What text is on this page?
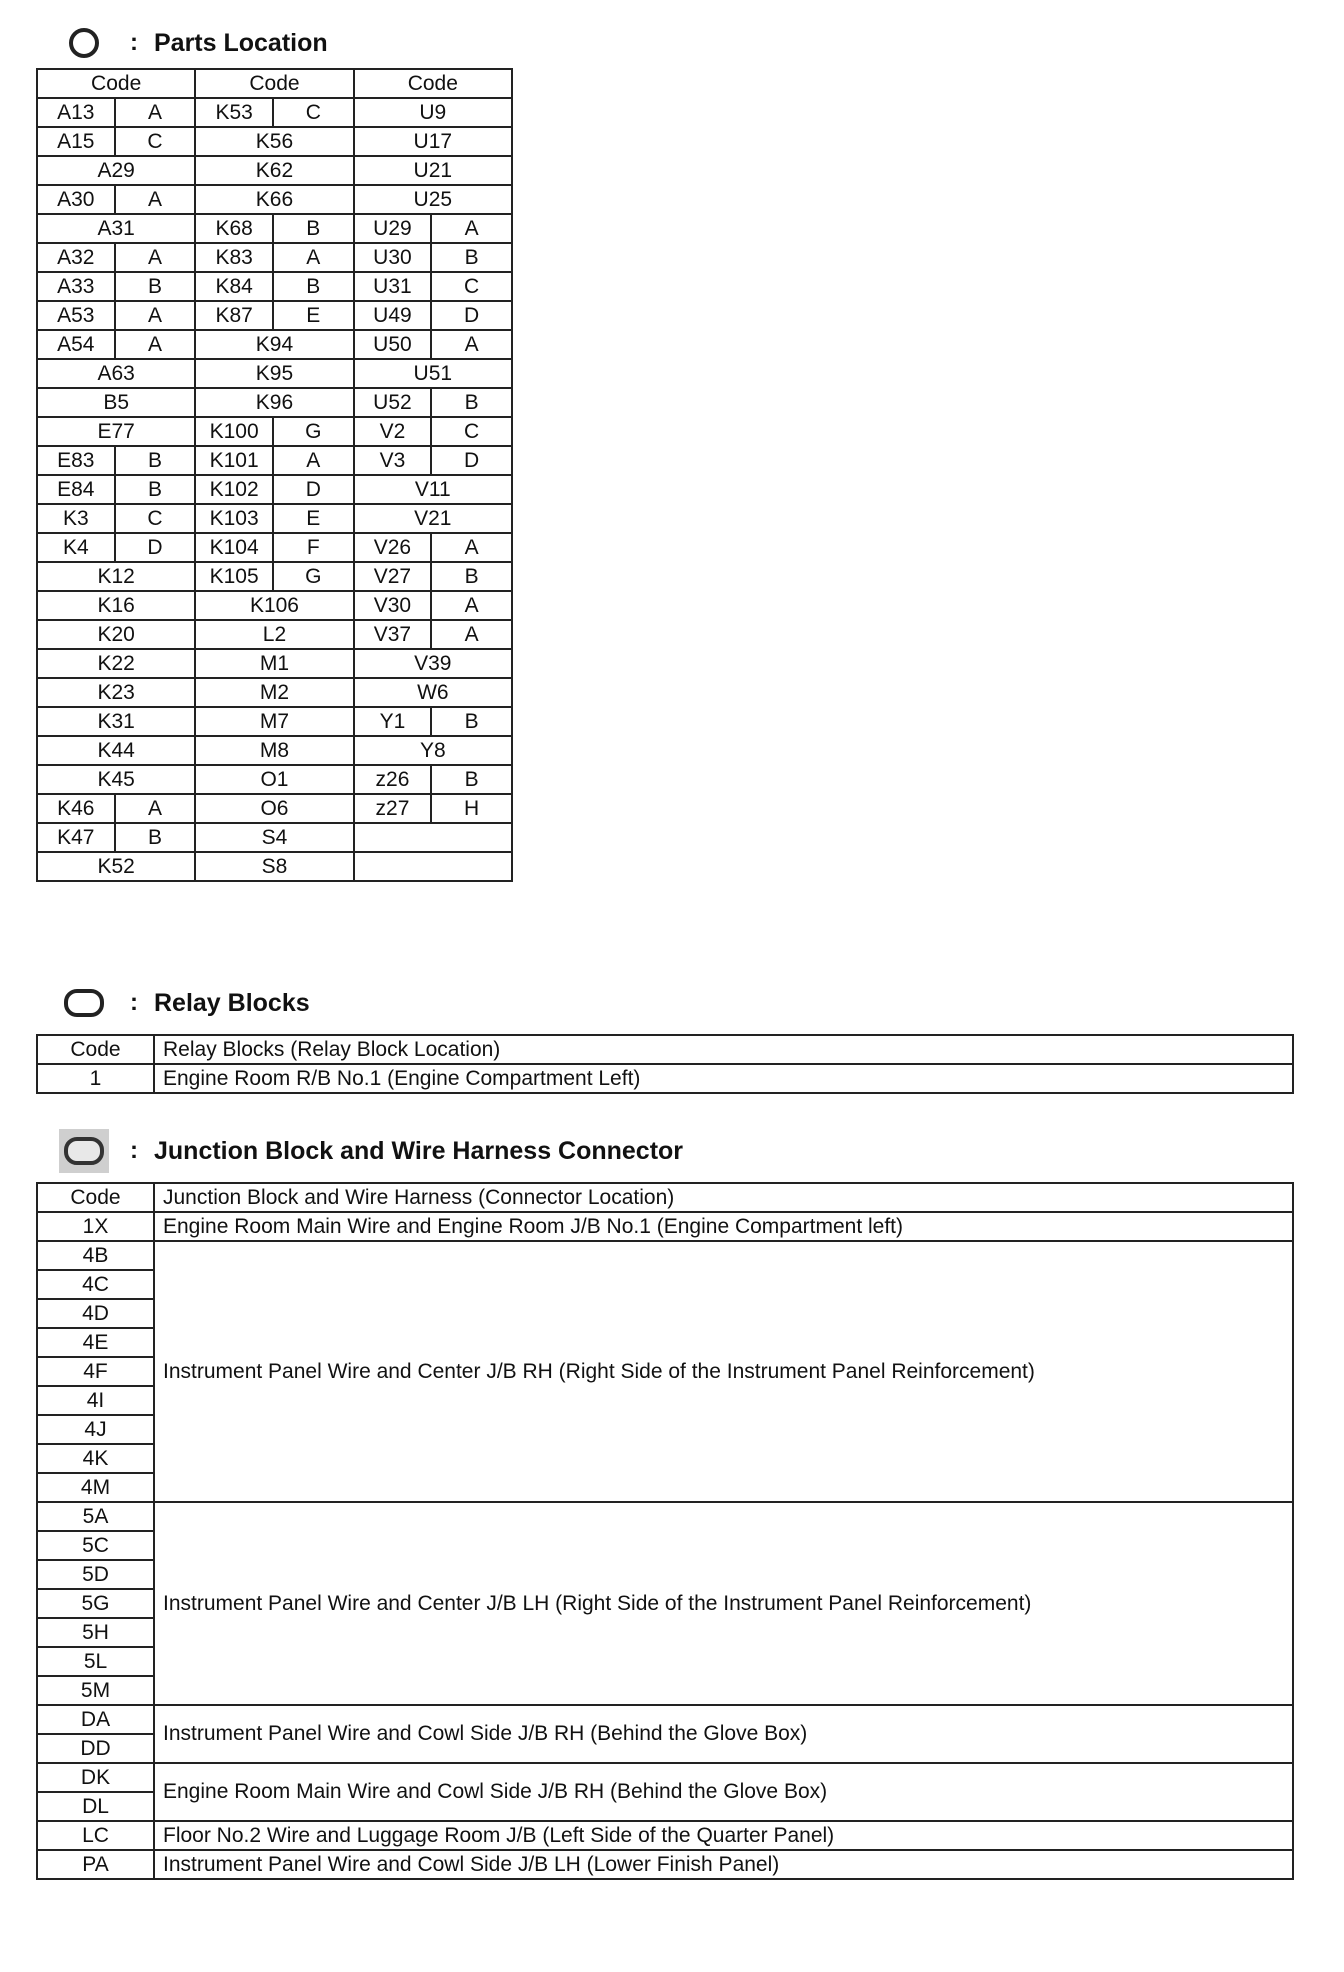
: Parts Location
Code		Code		Code	
A13	A	K53	C	U9	
A15	C	K56		U17	
A29		K62		U21	
A30	A	K66		U25	
A31		K68	B	U29	A
A32	A	K83	A	U30	B
A33	B	K84	B	U31	C
A53	A	K87	E	U49	D
A54	A	K94		U50	A
A63		K95		U51	
B5		K96		U52	B
E77		K100	G	V2	C
E83	B	K101	A	V3	D
E84	B	K102	D	V11	
K3	C	K103	E	V21	
K4	D	K104	F	V26	A
K12		K105	G	V27	B
K16		K106		V30	A
K20		L2		V37	A
K22		M1		V39	
K23		M2		W6	
K31		M7		Y1	B
K44		M8		Y8	
K45		O1		z26	B
K46	A	O6		z27	H
K47	B	S4			
K52		S8			
: Relay Blocks
Code	Relay Blocks (Relay Block Location)
1	Engine Room R/B No.1 (Engine Compartment Left)
: Junction Block and Wire Harness Connector
Code	Junction Block and Wire Harness (Connector Location)
1X	Engine Room Main Wire and Engine Room J/B No.1 (Engine Compartment left)
4B	Instrument Panel Wire and Center J/B RH (Right Side of the Instrument Panel Reinforcement)
4C	
4D	
4E	
4F	
4I	
4J	
4K	
4M	
5A	Instrument Panel Wire and Center J/B LH (Right Side of the Instrument Panel Reinforcement)
5C	
5D	
5G	
5H	
5L	
5M	
DA	Instrument Panel Wire and Cowl Side J/B RH (Behind the Glove Box)
DD	
DK	Engine Room Main Wire and Cowl Side J/B RH (Behind the Glove Box)
DL	
LC	Floor No.2 Wire and Luggage Room J/B (Left Side of the Quarter Panel)
PA	Instrument Panel Wire and Cowl Side J/B LH (Lower Finish Panel)
